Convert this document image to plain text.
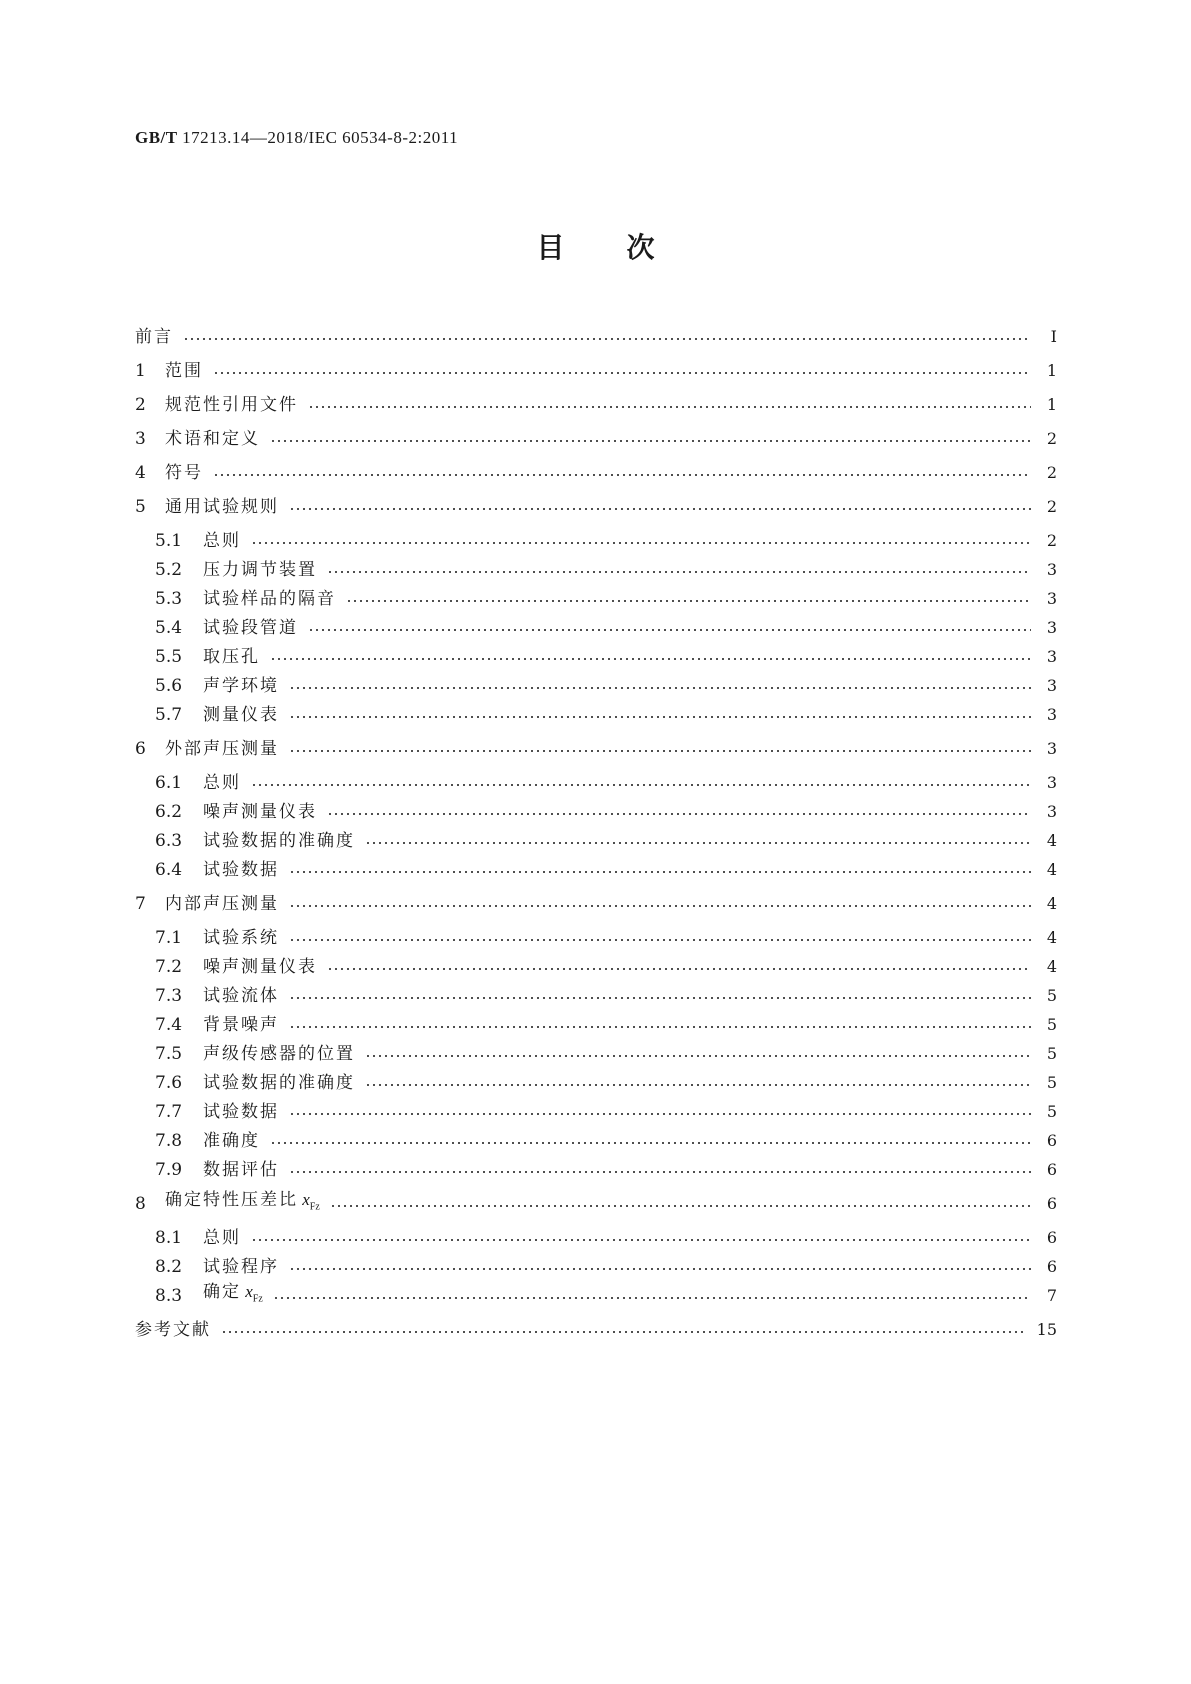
GB/T 17213.14—2018/IEC 60534-8-2:2011
目次
前言	Ⅰ
1	范围	1
2	规范性引用文件	1
3	术语和定义	2
4	符号	2
5	通用试验规则	2
5.1	总则	2
5.2	压力调节装置	3
5.3	试验样品的隔音	3
5.4	试验段管道	3
5.5	取压孔	3
5.6	声学环境	3
5.7	测量仪表	3
6	外部声压测量	3
6.1	总则	3
6.2	噪声测量仪表	3
6.3	试验数据的准确度	4
6.4	试验数据	4
7	内部声压测量	4
7.1	试验系统	4
7.2	噪声测量仪表	4
7.3	试验流体	5
7.4	背景噪声	5
7.5	声级传感器的位置	5
7.6	试验数据的准确度	5
7.7	试验数据	5
7.8	准确度	6
7.9	数据评估	6
8	确定特性压差比 $x_{Fz}$	6
8.1	总则	6
8.2	试验程序	6
8.3	确定 $x_{Fz}$	7
参考文献	15
